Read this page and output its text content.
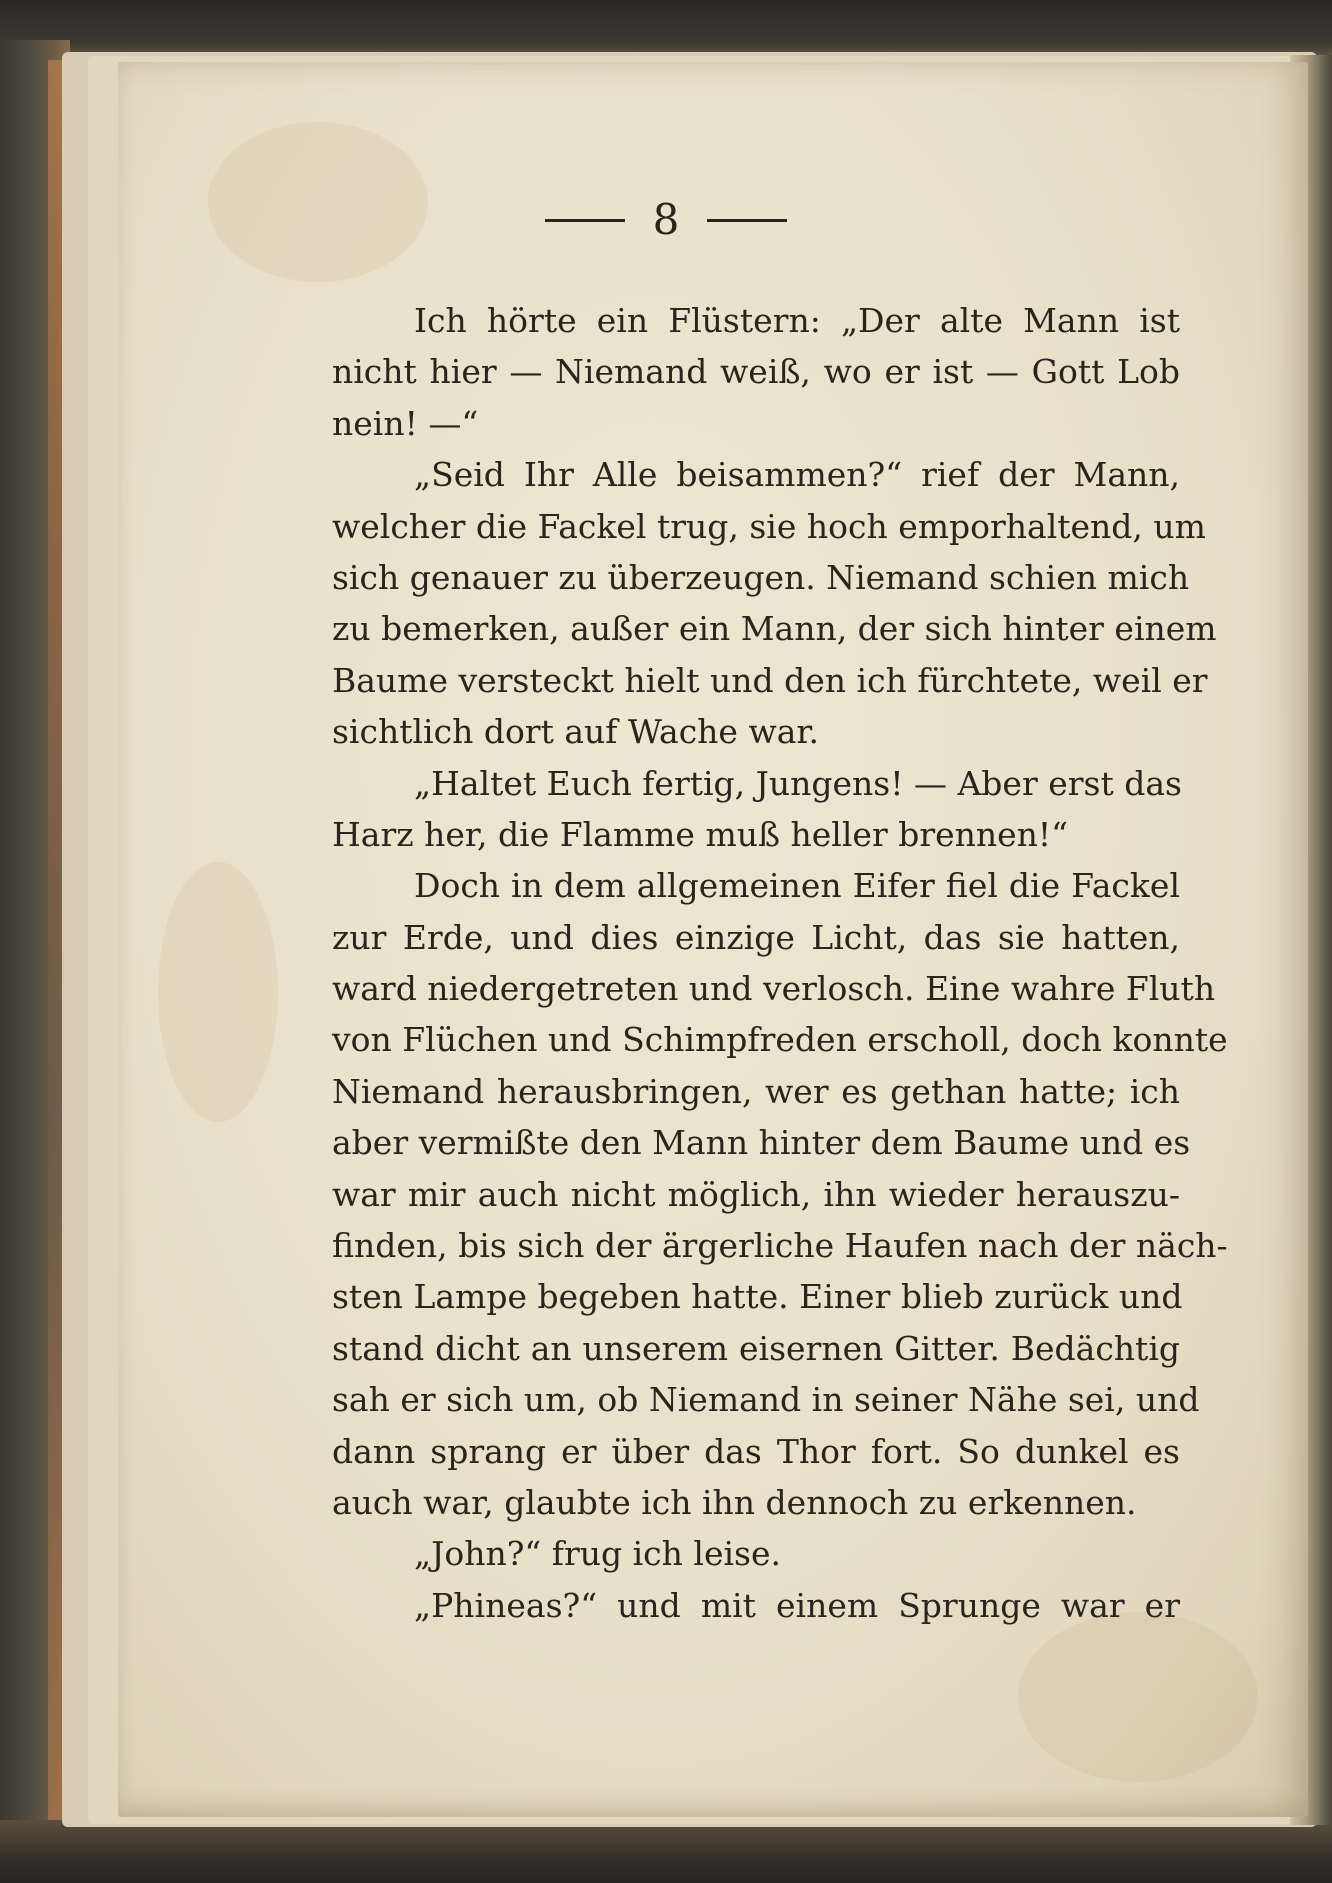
8
Ich hörte ein Flüstern: „Der alte Mann ist
nicht hier — Niemand weiß, wo er ist — Gott Lob
nein! —“
„Seid Ihr Alle beisammen?“ rief der Mann,
welcher die Fackel trug, sie hoch emporhaltend, um
sich genauer zu überzeugen. Niemand schien mich
zu bemerken, außer ein Mann, der sich hinter einem
Baume versteckt hielt und den ich fürchtete, weil er
sichtlich dort auf Wache war.
„Haltet Euch fertig, Jungens! — Aber erst das
Harz her, die Flamme muß heller brennen!“
Doch in dem allgemeinen Eifer fiel die Fackel
zur Erde, und dies einzige Licht, das sie hatten,
ward niedergetreten und verlosch. Eine wahre Fluth
von Flüchen und Schimpfreden erscholl, doch konnte
Niemand herausbringen, wer es gethan hatte; ich
aber vermißte den Mann hinter dem Baume und es
war mir auch nicht möglich, ihn wieder herauszu-
finden, bis sich der ärgerliche Haufen nach der näch-
sten Lampe begeben hatte. Einer blieb zurück und
stand dicht an unserem eisernen Gitter. Bedächtig
sah er sich um, ob Niemand in seiner Nähe sei, und
dann sprang er über das Thor fort. So dunkel es
auch war, glaubte ich ihn dennoch zu erkennen.
„John?“ frug ich leise.
„Phineas?“ und mit einem Sprunge war er
